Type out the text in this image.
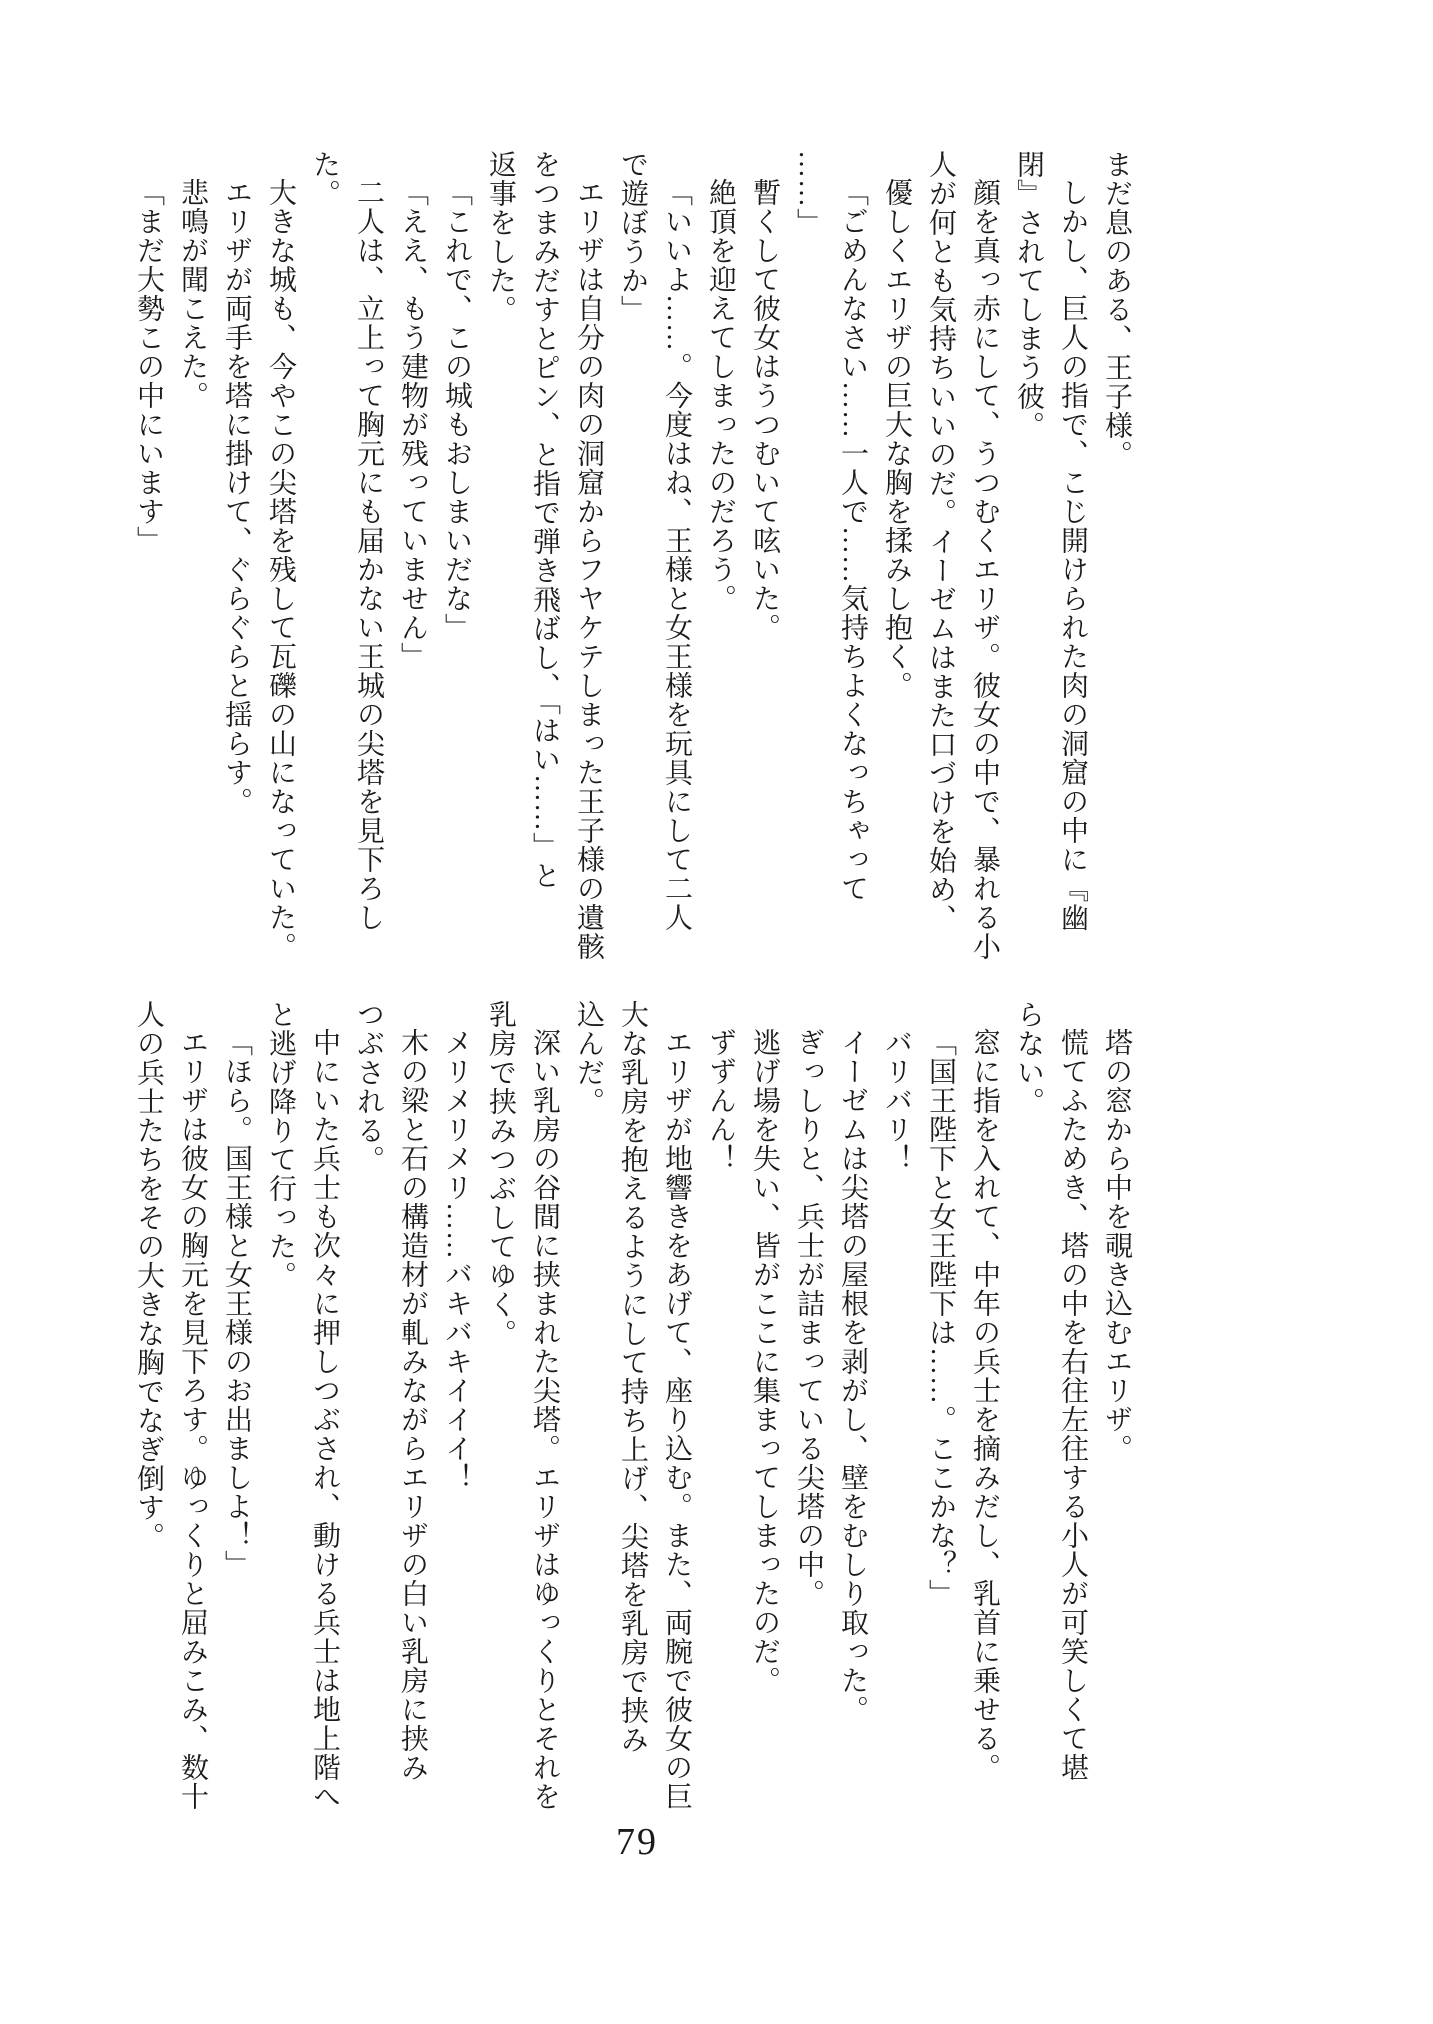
まだ息のある、王子様。

しかし、巨人の指で、こじ開けられた肉の洞窟の中に『幽

閉』されてしまう彼。

顔を真っ赤にして、うつむくエリザ。彼女の中で、暴れる小

人が何とも気持ちいいのだ。イーゼムはまた口づけを始め、

優しくエリザの巨大な胸を揉みし抱く。

「ごめんなさい……一人で……気持ちよくなっちゃって

……」

暫くして彼女はうつむいて呟いた。

絶頂を迎えてしまったのだろう。

「いいよ……。今度はね、王様と女王様を玩具にして二人

で遊ぼうか」

エリザは自分の肉の洞窟からフヤケテしまった王子様の遺骸

をつまみだすとピン、と指で弾き飛ばし、「はい……」と

返事をした。

「これで、この城もおしまいだな」

「ええ、もう建物が残っていません」

二人は、立上って胸元にも届かない王城の尖塔を見下ろし

た。

大きな城も、今やこの尖塔を残して瓦礫の山になっていた。

エリザが両手を塔に掛けて、ぐらぐらと揺らす。

悲鳴が聞こえた。

「まだ大勢この中にいます」

塔の窓から中を覗き込むエリザ。

慌てふためき、塔の中を右往左往する小人が可笑しくて堪

らない。

窓に指を入れて、中年の兵士を摘みだし、乳首に乗せる。

「国王陛下と女王陛下は……。ここかな？」

バリバリ！

イーゼムは尖塔の屋根を剥がし、壁をむしり取った。

ぎっしりと、兵士が詰まっている尖塔の中。

逃げ場を失い、皆がここに集まってしまったのだ。

ずずんん！

エリザが地響きをあげて、座り込む。また、両腕で彼女の巨

大な乳房を抱えるようにして持ち上げ、尖塔を乳房で挟み

込んだ。

深い乳房の谷間に挟まれた尖塔。エリザはゆっくりとそれを

乳房で挟みつぶしてゆく。

メリメリメリ……バキバキイイイ！

木の梁と石の構造材が軋みながらエリザの白い乳房に挟み

つぶされる。

中にいた兵士も次々に押しつぶされ、動ける兵士は地上階へ

と逃げ降りて行った。

「ほら。国王様と女王様のお出ましよ！」

エリザは彼女の胸元を見下ろす。ゆっくりと屈みこみ、数十

人の兵士たちをその大きな胸でなぎ倒す。

79
